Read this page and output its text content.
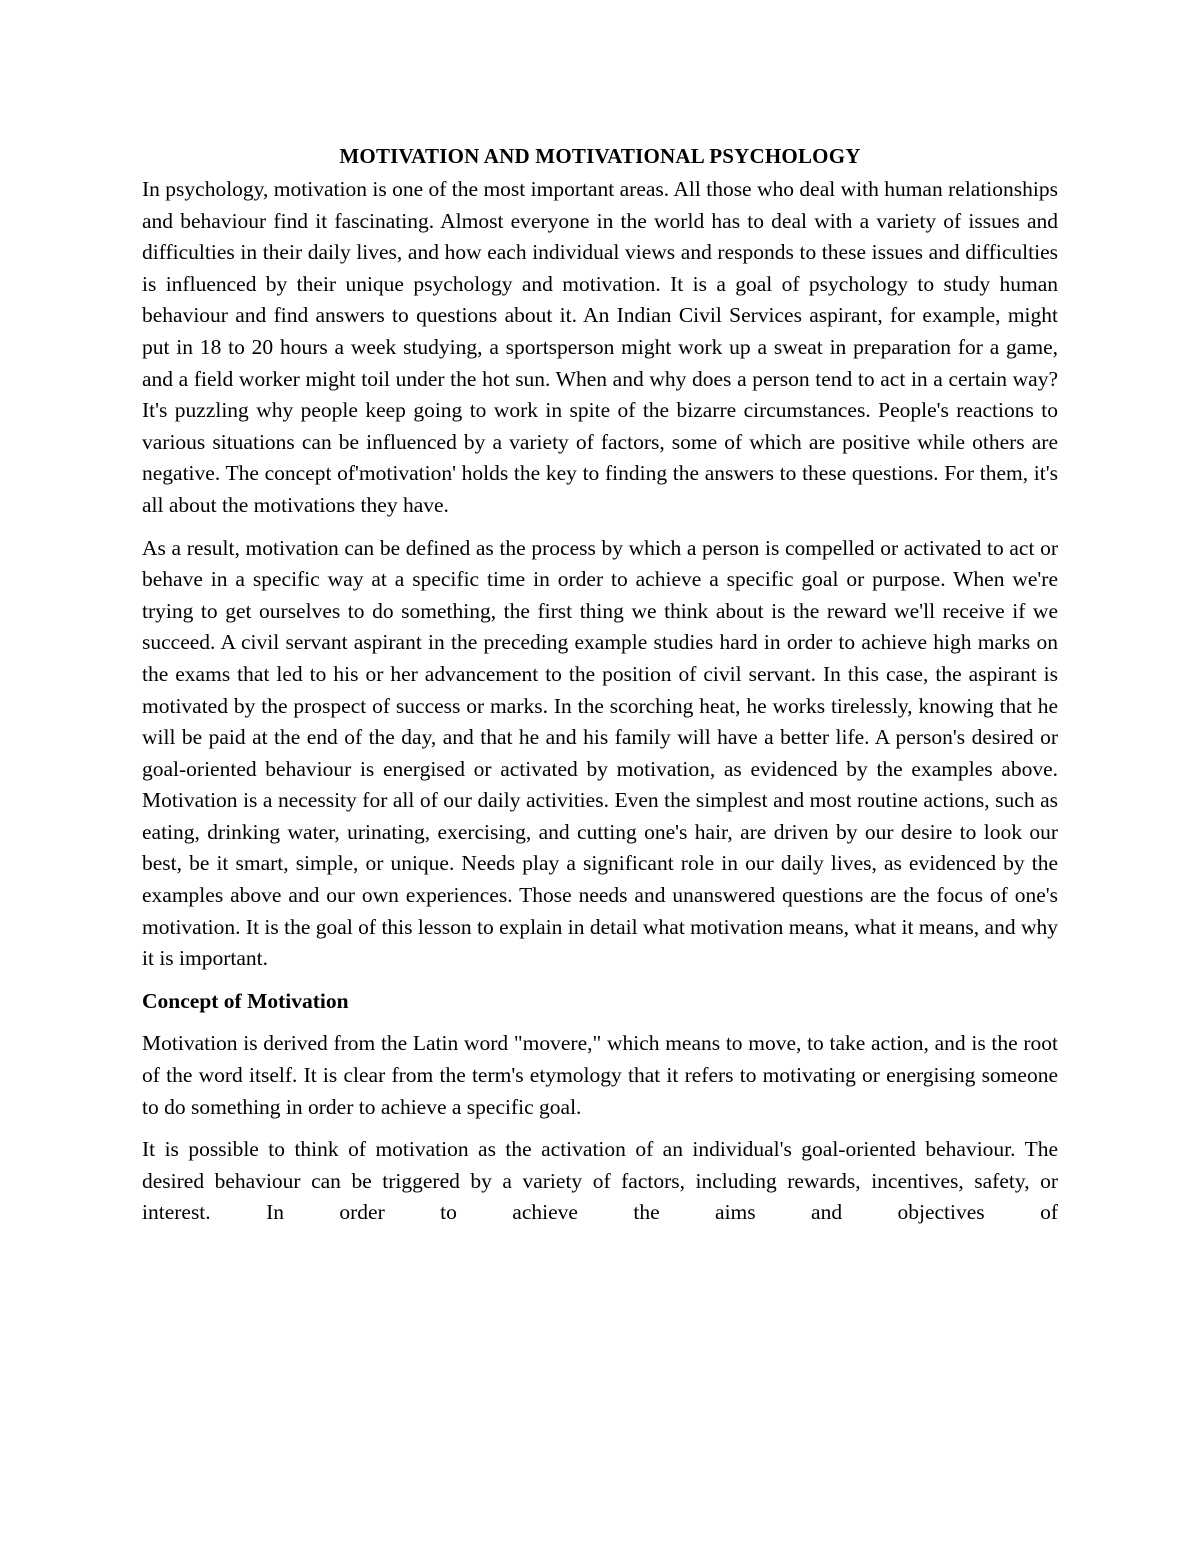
MOTIVATION AND MOTIVATIONAL PSYCHOLOGY

In psychology, motivation is one of the most important areas. All those who deal with human relationships and behaviour find it fascinating. Almost everyone in the world has to deal with a variety of issues and difficulties in their daily lives, and how each individual views and responds to these issues and difficulties is influenced by their unique psychology and motivation. It is a goal of psychology to study human behaviour and find answers to questions about it. An Indian Civil Services aspirant, for example, might put in 18 to 20 hours a week studying, a sportsperson might work up a sweat in preparation for a game, and a field worker might toil under the hot sun. When and why does a person tend to act in a certain way? It's puzzling why people keep going to work in spite of the bizarre circumstances. People's reactions to various situations can be influenced by a variety of factors, some of which are positive while others are negative. The concept of'motivation' holds the key to finding the answers to these questions. For them, it's all about the motivations they have.

As a result, motivation can be defined as the process by which a person is compelled or activated to act or behave in a specific way at a specific time in order to achieve a specific goal or purpose. When we're trying to get ourselves to do something, the first thing we think about is the reward we'll receive if we succeed. A civil servant aspirant in the preceding example studies hard in order to achieve high marks on the exams that led to his or her advancement to the position of civil servant. In this case, the aspirant is motivated by the prospect of success or marks. In the scorching heat, he works tirelessly, knowing that he will be paid at the end of the day, and that he and his family will have a better life. A person's desired or goal-oriented behaviour is energised or activated by motivation, as evidenced by the examples above. Motivation is a necessity for all of our daily activities. Even the simplest and most routine actions, such as eating, drinking water, urinating, exercising, and cutting one's hair, are driven by our desire to look our best, be it smart, simple, or unique. Needs play a significant role in our daily lives, as evidenced by the examples above and our own experiences. Those needs and unanswered questions are the focus of one's motivation. It is the goal of this lesson to explain in detail what motivation means, what it means, and why it is important.

Concept of Motivation

Motivation is derived from the Latin word "movere," which means to move, to take action, and is the root of the word itself. It is clear from the term's etymology that it refers to motivating or energising someone to do something in order to achieve a specific goal.

It is possible to think of motivation as the activation of an individual's goal-oriented behaviour. The desired behaviour can be triggered by a variety of factors, including rewards, incentives, safety, or interest. In order to achieve the aims and objectives of
